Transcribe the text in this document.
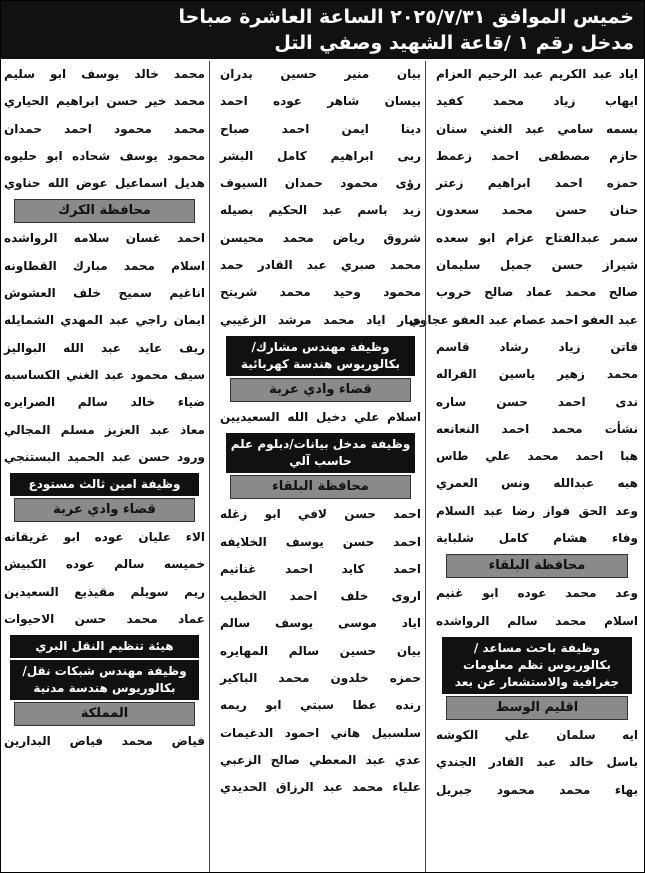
خميس الموافق ٢٠٢٥/٧/٣١ الساعة العاشرة صباحا
مدخل رقم ١ /قاعة الشهيد وصفي التل
اياد عبد الكريم عبد الرحيم العزام
ايهاب زياد محمد كفيد
بسمه سامي عبد الغني سنان
حازم مصطفى احمد زعمط
حمزه احمد ابراهيم زعتر
حنان حسن محمد سعدون
سمر عبدالفتاح عزام ابو سعده
شيراز حسن جميل سليمان
صالح محمد عماد صالح خروب
عبد العفو احمد عصام عبد العفو عجاوي
فاتن زياد رشاد قاسم
محمد زهير ياسين القراله
ندى احمد حسن ساره
نشأت محمد احمد النعانعه
هبا احمد محمد علي طاس
هبه عبدالله ونس العمري
وعد الحق فواز رضا عبد السلام
وفاء هشام كامل شلباية
محافظة البلقاء
وعد محمد عوده ابو غنيم
اسلام محمد سالم الرواشده
وظيفة باحث مساعد / بكالوريوس نظم معلومات جغرافية والاستشعار عن بعد
اقليم الوسط
ايه سلمان علي الكوشه
باسل خالد عبد القادر الجندي
بهاء محمد محمود جبريل
بيان منير حسين بدران
بيسان شاهر عوده احمد
دينا ايمن احمد صباح
ربى ابراهيم كامل البشر
رؤى محمود حمدان السيوف
زيد باسم عبد الحكيم بصيله
شروق رياض محمد محيسن
محمد صبري عبد القادر حمد
محمود وحيد محمد شريتح
ميار اياد محمد مرشد الزغيبي
وظيفة مهندس مشارك/ بكالوريوس هندسة كهربائية
قضاء وادي عربة
اسلام علي دخيل الله السعيديين
وظيفة مدخل بيانات/دبلوم علم حاسب آلي
محافظة البلقاء
احمد حسن لافي ابو زغله
احمد حسن يوسف الخلايفه
احمد كايد احمد غنانيم
اروى خلف احمد الخطيب
اياد موسى يوسف سالم
بيان حسين سالم المهايره
حمزه خلدون محمد الباكير
رنده عطا سبتي ابو ريمه
سلسبيل هاني احمود الدغيمات
عدي عبد المعطي صالح الزعبي
علياء محمد عبد الرزاق الحديدي
محمد خالد يوسف ابو سليم
محمد خير حسن ابراهيم الحياري
محمد محمود احمد حمدان
محمود يوسف شحاده ابو حليوه
هديل اسماعيل عوض الله حناوي
محافظة الكرك
احمد غسان سلامه الرواشده
اسلام محمد مبارك القطاونه
اناغيم سميح خلف العشوش
ايمان راجي عبد المهدي الشمايله
ريف عايد عبد الله البواليز
سيف محمود عبد الغني الكساسبه
ضياء خالد سالم الصرايره
معاذ عبد العزيز مسلم المجالي
ورود حسن عبد الحميد البستنجي
وظيفة امين ثالث مستودع
قضاء وادي عربة
الاء عليان عوده ابو غريقانه
خميسه سالم عوده الكبيش
ريم سويلم مقيذيع السعيدين
عماد محمد حسن الاحيوات
هيئة تنظيم النقل البري
وظيفة مهندس شبكات نقل/ بكالوريوس هندسة مدنية
المملكة
فياض محمد فياض البدارين
